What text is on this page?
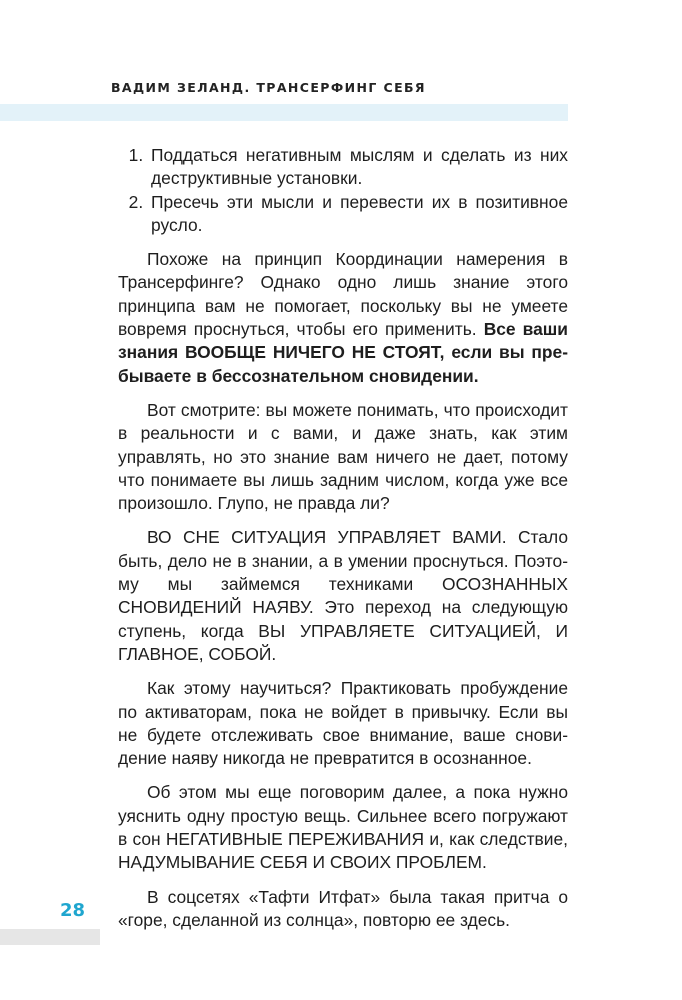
ВАДИМ ЗЕЛАНД. ТРАНСЕРФИНГ СЕБЯ
1. Поддаться негативным мыслям и сделать из них деструктивные установки.
2. Пресечь эти мысли и перевести их в позитивное русло.

Похоже на принцип Координации намерения в Трансерфинге? Однако одно лишь знание этого принципа вам не помогает, поскольку вы не умеете вовремя проснуться, чтобы его применить. Все ваши знания ВООБЩЕ НИЧЕГО НЕ СТОЯТ, если вы пребываете в бессознательном сновидении.

Вот смотрите: вы можете понимать, что происходит в реальности и с вами, и даже знать, как этим управлять, но это знание вам ничего не дает, потому что понимаете вы лишь задним числом, когда уже все произошло. Глупо, не правда ли?

ВО СНЕ СИТУАЦИЯ УПРАВЛЯЕТ ВАМИ. Стало быть, дело не в знании, а в умении проснуться. Поэтому мы займемся техниками ОСОЗНАННЫХ СНОВИДЕНИЙ НАЯВУ. Это переход на следующую ступень, когда ВЫ УПРАВЛЯЕТЕ СИТУАЦИЕЙ, И ГЛАВНОЕ, СОБОЙ.

Как этому научиться? Практиковать пробуждение по активаторам, пока не войдет в привычку. Если вы не будете отслеживать свое внимание, ваше сновидение наяву никогда не превратится в осознанное.

Об этом мы еще поговорим далее, а пока нужно уяснить одну простую вещь. Сильнее всего погружают в сон НЕГАТИВНЫЕ ПЕРЕЖИВАНИЯ и, как следствие, НАДУМЫВАНИЕ СЕБЯ И СВОИХ ПРОБЛЕМ.

В соцсетях «Тафти Итфат» была такая притча о «горе, сделанной из солнца», повторю ее здесь.

28
